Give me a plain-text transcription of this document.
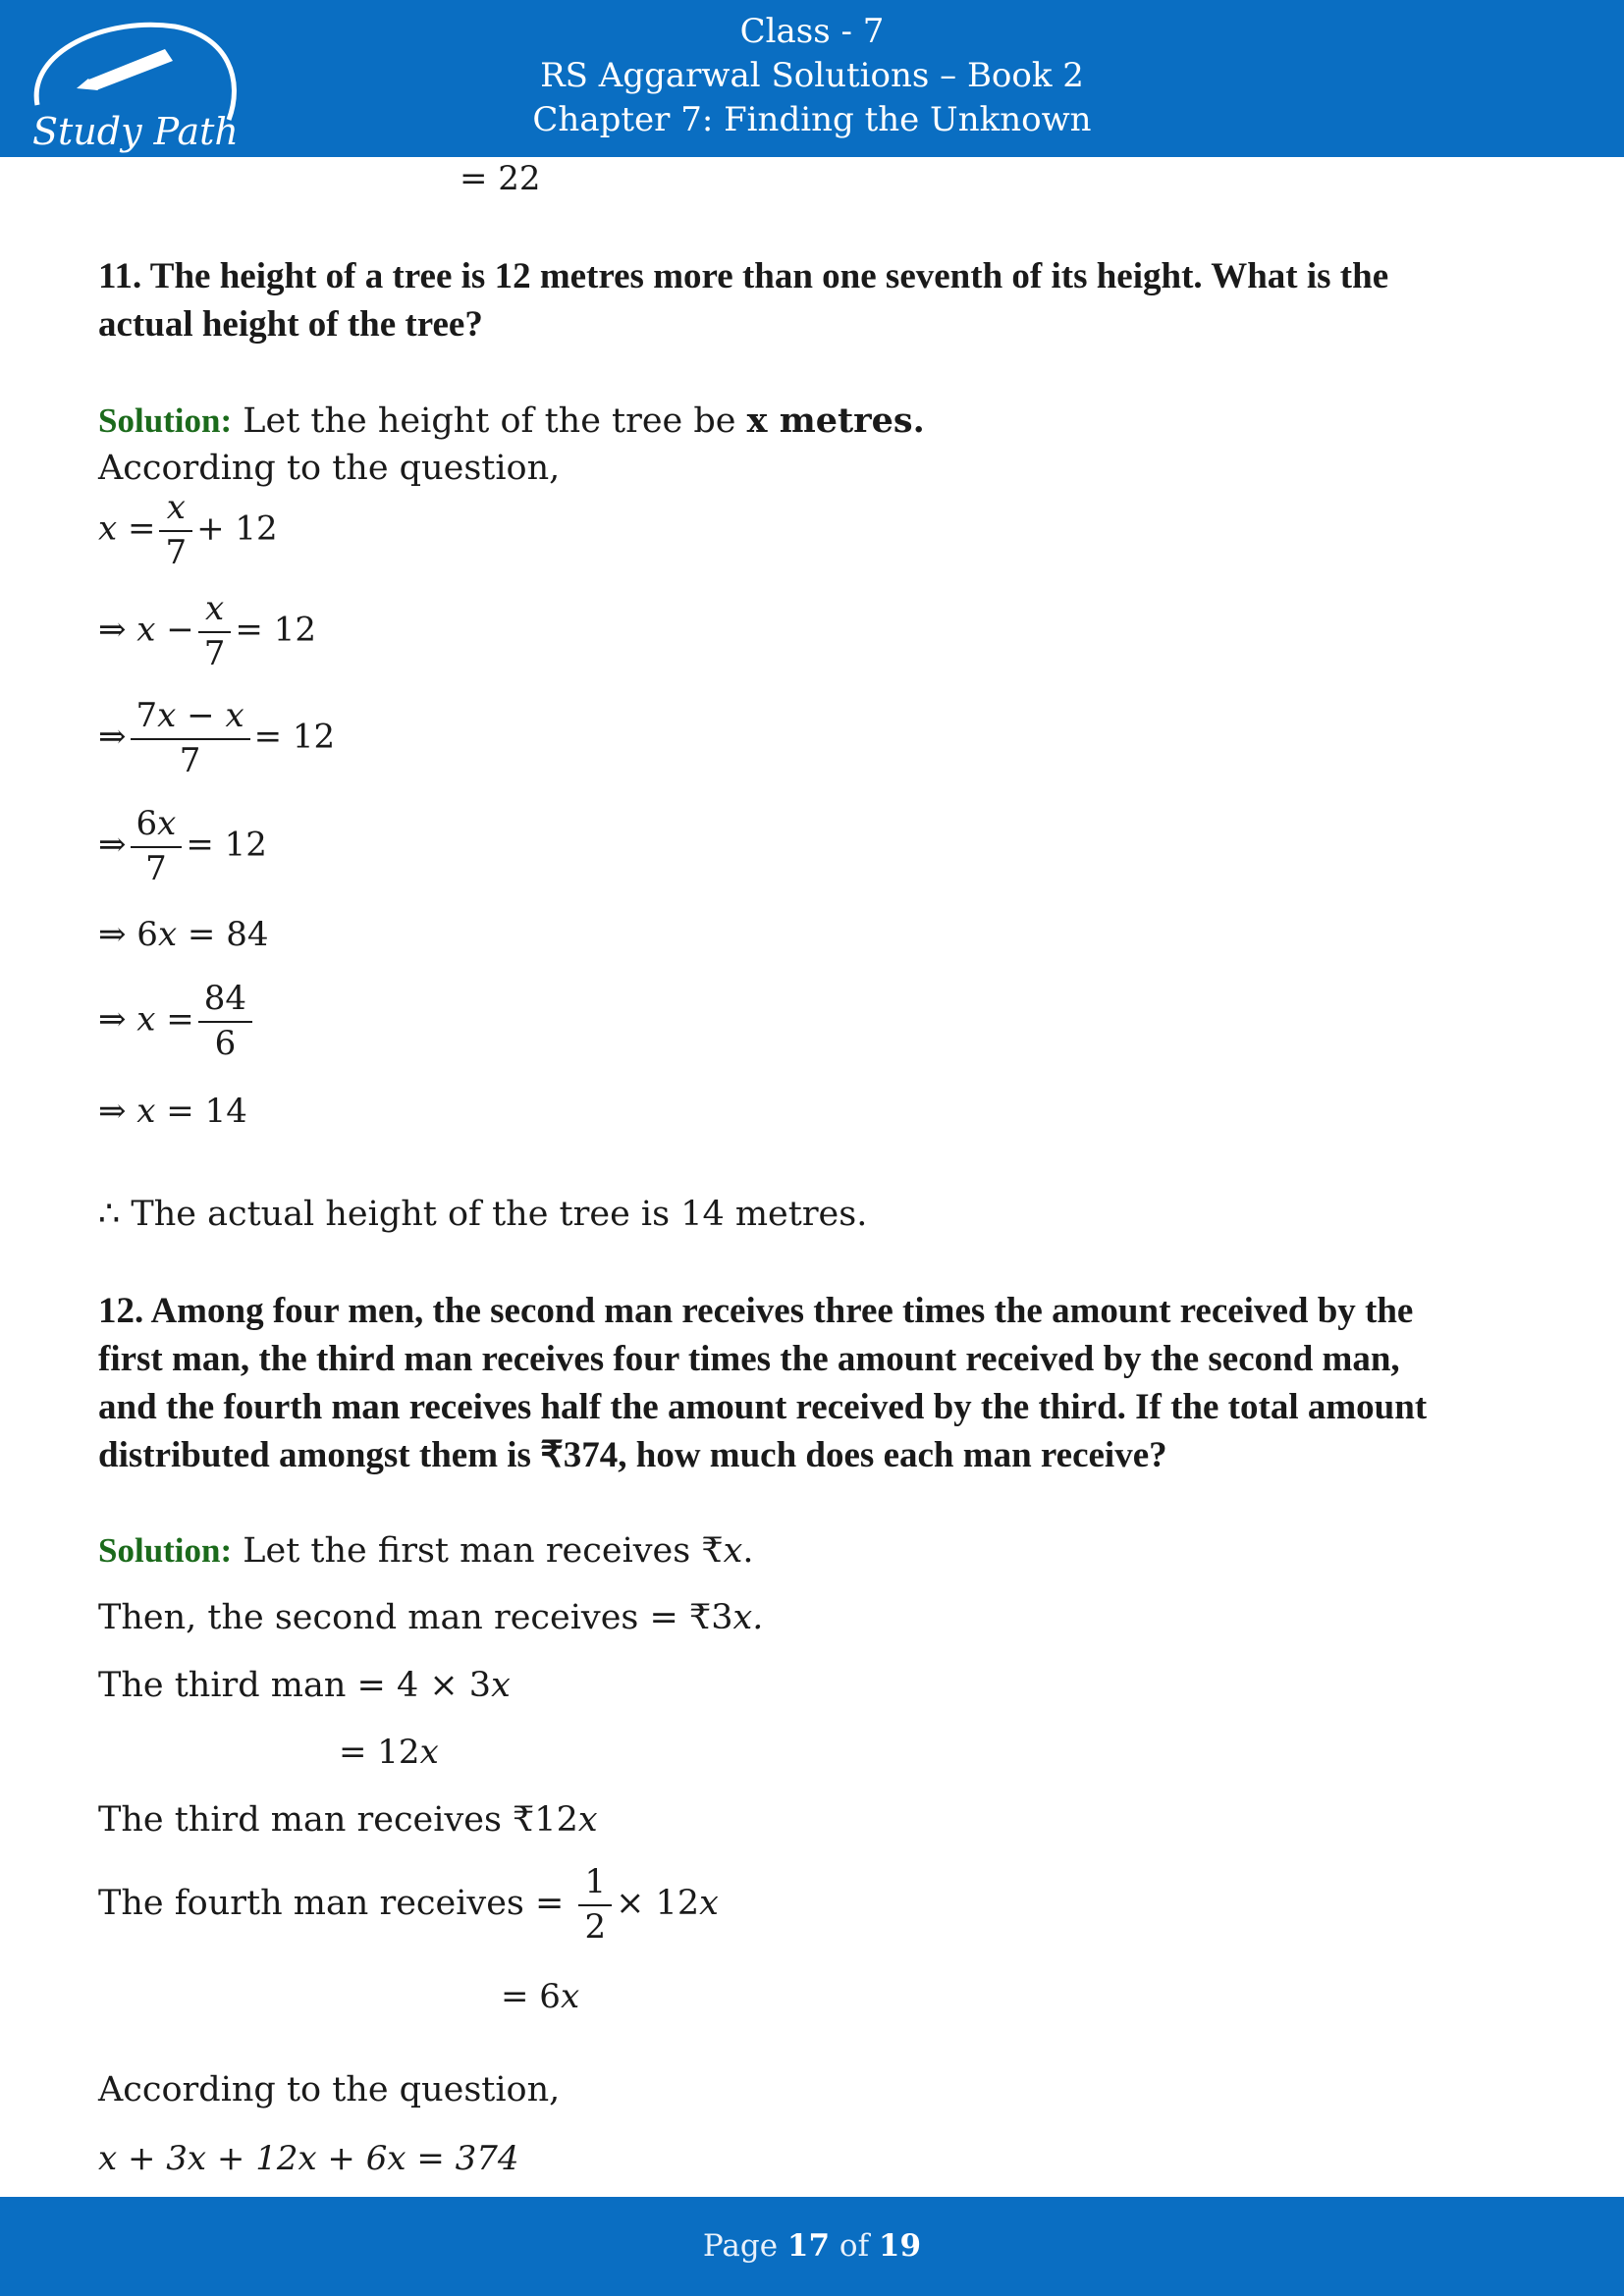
Study Path
Class - 7
RS Aggarwal Solutions – Book 2
Chapter 7: Finding the Unknown
= 22
11. The height of a tree is 12 metres more than one seventh of its height. What is the
actual height of the tree?
Solution: Let the height of the tree be x metres.
According to the question,
$x = \frac{x}{7} + 12$
⇒ $x - \frac{x}{7} = 12$
⇒ $\frac{7x - x}{7} = 12$
⇒ $\frac{6x}{7} = 12$
⇒ 6x = 84
⇒ $x = \frac{84}{6}$
⇒ x = 14
∴ The actual height of the tree is 14 metres.
12. Among four men, the second man receives three times the amount received by the
first man, the third man receives four times the amount received by the second man,
and the fourth man receives half the amount received by the third. If the total amount
distributed amongst them is ₹374, how much does each man receive?
Solution: Let the first man receives ₹x.
Then, the second man receives = ₹3x.
The third man = 4 × 3x
= 12x
The third man receives ₹12x
The fourth man receives = $\frac{1}{2} \times 12x$
= 6x
According to the question,
x + 3x + 12x + 6x = 374
Page 17 of 19
